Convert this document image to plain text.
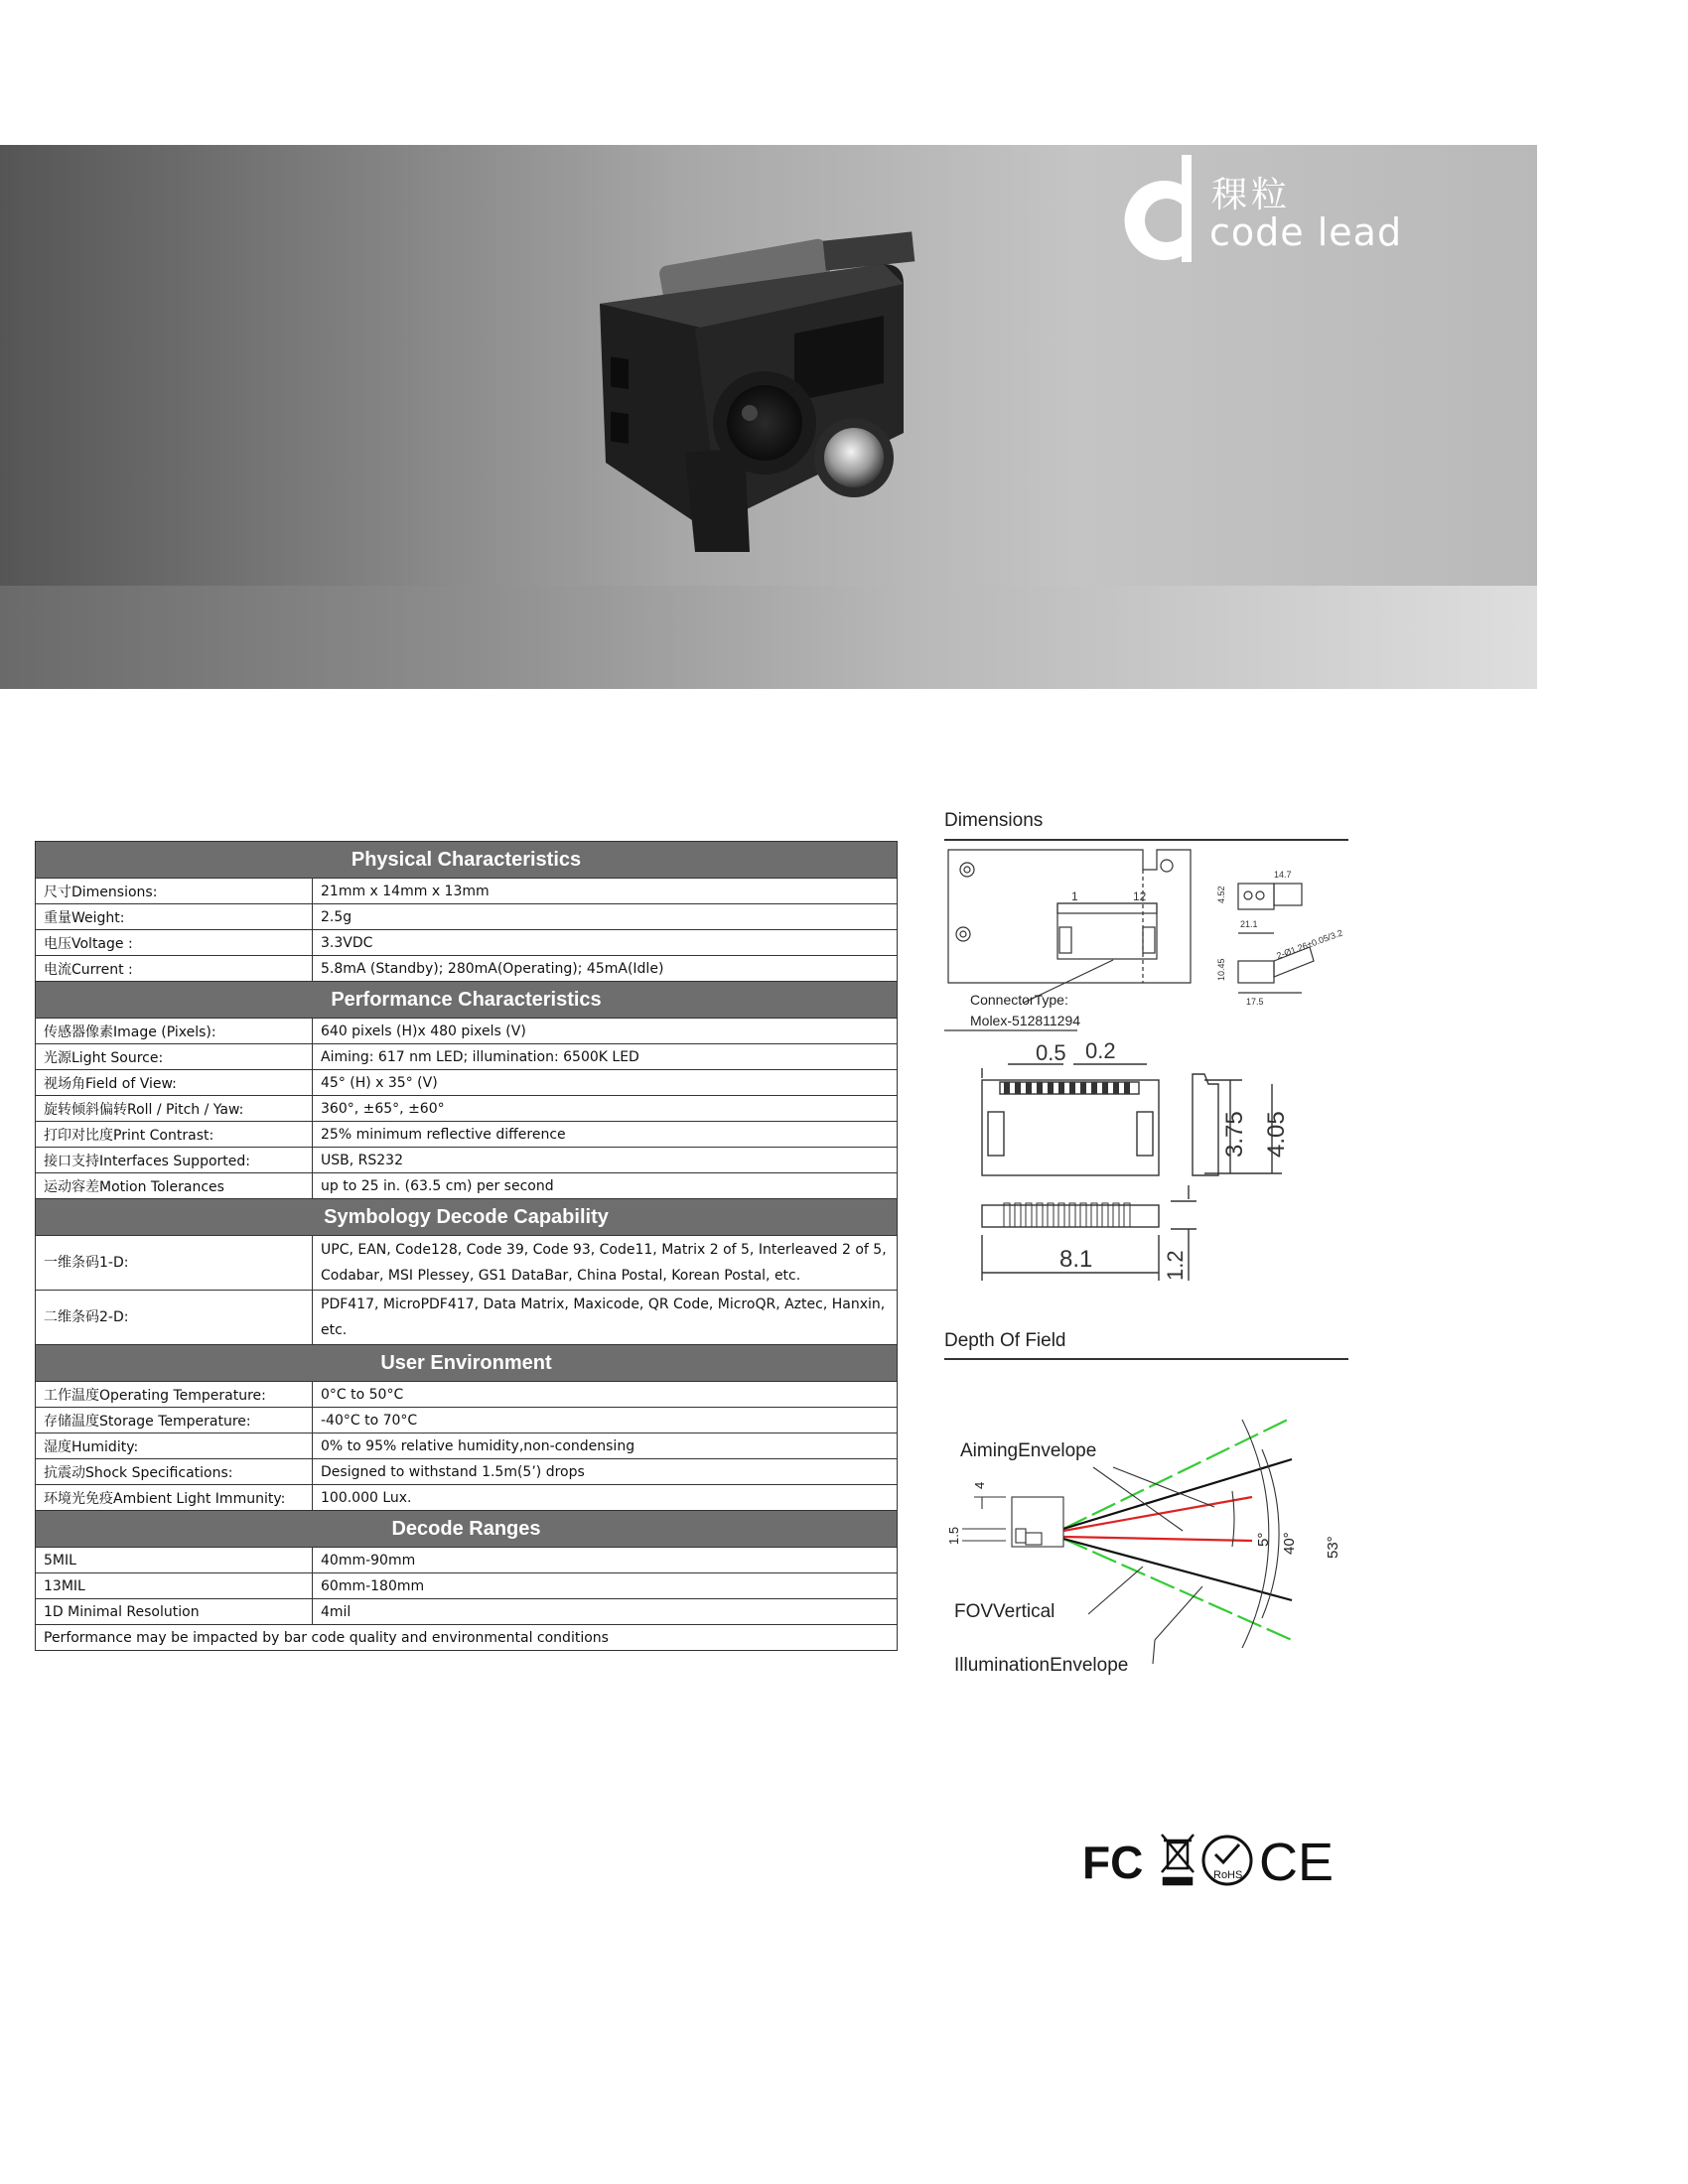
稞粒
code lead
Physical Characteristics	
尺寸Dimensions:	21mm x 14mm x 13mm
重量Weight:	2.5g
电压Voltage :	3.3VDC
电流Current :	5.8mA (Standby); 280mA(Operating); 45mA(Idle)
Performance Characteristics	
传感器像素Image (Pixels):	640 pixels (H)x 480 pixels (V)
光源Light Source:	Aiming: 617 nm LED; illumination: 6500K LED
视场角Field of View:	45° (H) x 35° (V)
旋转倾斜偏转Roll / Pitch / Yaw:	360°, ±65°, ±60°
打印对比度Print Contrast:	25% minimum reflective difference
接口支持Interfaces Supported:	USB, RS232
运动容差Motion Tolerances	up to 25 in. (63.5 cm) per second
Symbology Decode Capability	
一维条码1-D:	UPC, EAN, Code128, Code 39, Code 93, Code11, Matrix 2 of 5, Interleaved 2 of 5, Codabar, MSI Plessey, GS1 DataBar, China Postal, Korean Postal, etc.
二维条码2-D:	PDF417, MicroPDF417, Data Matrix, Maxicode, QR Code, MicroQR, Aztec, Hanxin, etc.
User Environment	
工作温度Operating Temperature:	0°C to 50°C
存储温度Storage Temperature:	-40°C to 70°C
湿度Humidity:	0% to 95% relative humidity,non-condensing
抗震动Shock Specifications:	Designed to withstand 1.5m(5’) drops
环境光免疫Ambient Light Immunity:	100.000 Lux.
Decode Ranges	
5MIL	40mm-90mm
13MIL	60mm-180mm
1D Minimal Resolution	4mil
Performance may be impacted by bar code quality and environmental conditions	
Dimensions
21.1
14.7
4.52
10.45
17.5
2-Ø1.26±0.05/3.2
1	12
ConnectorType:
Molex-512811294
0.5 0.2
3.75 4.05
8.1	1.2
Depth Of Field
AimingEnvelope
FOVVertical
IlluminationEnvelope
4
1.5	5° 40° 53°
FC	RoHS CE
